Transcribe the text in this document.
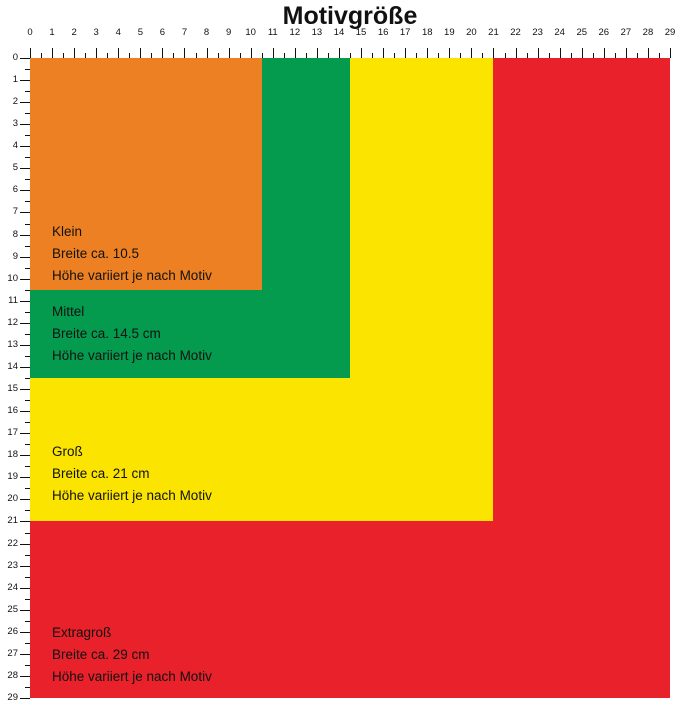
Motivgröße
0 1 2 3 4 5 6 7 8 9 10 11 12 13 14 15 16 17 18 19 20 21 22 23 24 25 26 27 28 29
0
1
2
3
4
5
6
7
8
9
10
11
12
13
14
15
16
17
18
19
20
21
22
23
24
25
26
27
28
29
Klein
Breite ca. 10.5
Höhe variiert je nach Motiv
Mittel
Breite ca. 14.5 cm
Höhe variiert je nach Motiv
Groß
Breite ca. 21 cm
Höhe variiert je nach Motiv
Extragroß
Breite ca. 29 cm
Höhe variiert je nach Motiv
